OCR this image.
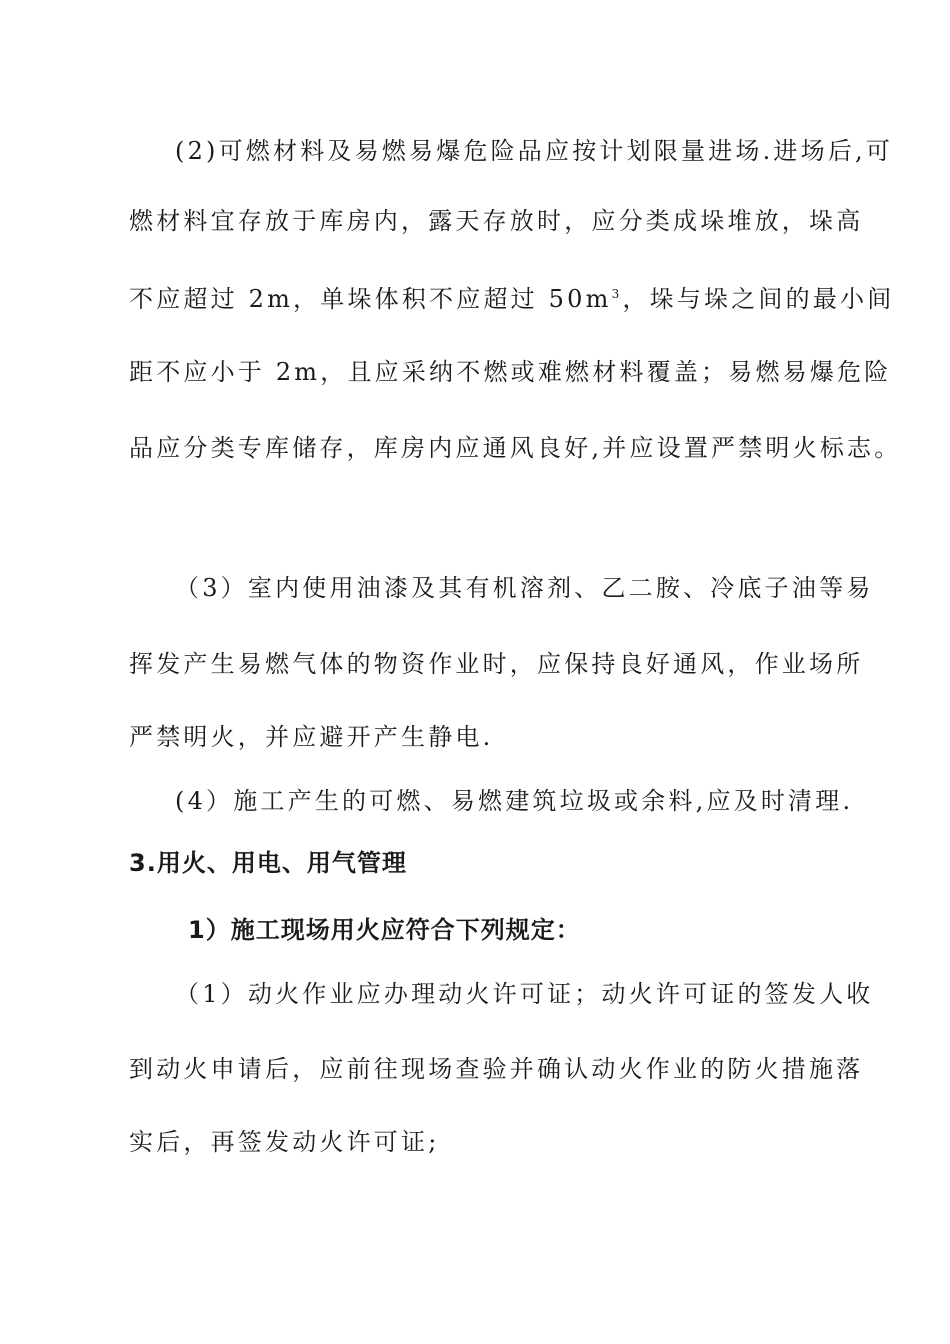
(2)可燃材料及易燃易爆危险品应按计划限量进场.进场后,可
燃材料宜存放于库房内，露天存放时，应分类成垛堆放，垛高
不应超过 2m，单垛体积不应超过 $50m^3$，垛与垛之间的最小间
距不应小于 2m，且应采纳不燃或难燃材料覆盖；易燃易爆危险
品应分类专库储存，库房内应通风良好,并应设置严禁明火标志。
（3）室内使用油漆及其有机溶剂、乙二胺、冷底子油等易
挥发产生易燃气体的物资作业时，应保持良好通风，作业场所
严禁明火，并应避开产生静电.
(4）施工产生的可燃、易燃建筑垃圾或余料,应及时清理.
3.用火、用电、用气管理
1）施工现场用火应符合下列规定：
（1）动火作业应办理动火许可证；动火许可证的签发人收
到动火申请后，应前往现场查验并确认动火作业的防火措施落
实后，再签发动火许可证;
